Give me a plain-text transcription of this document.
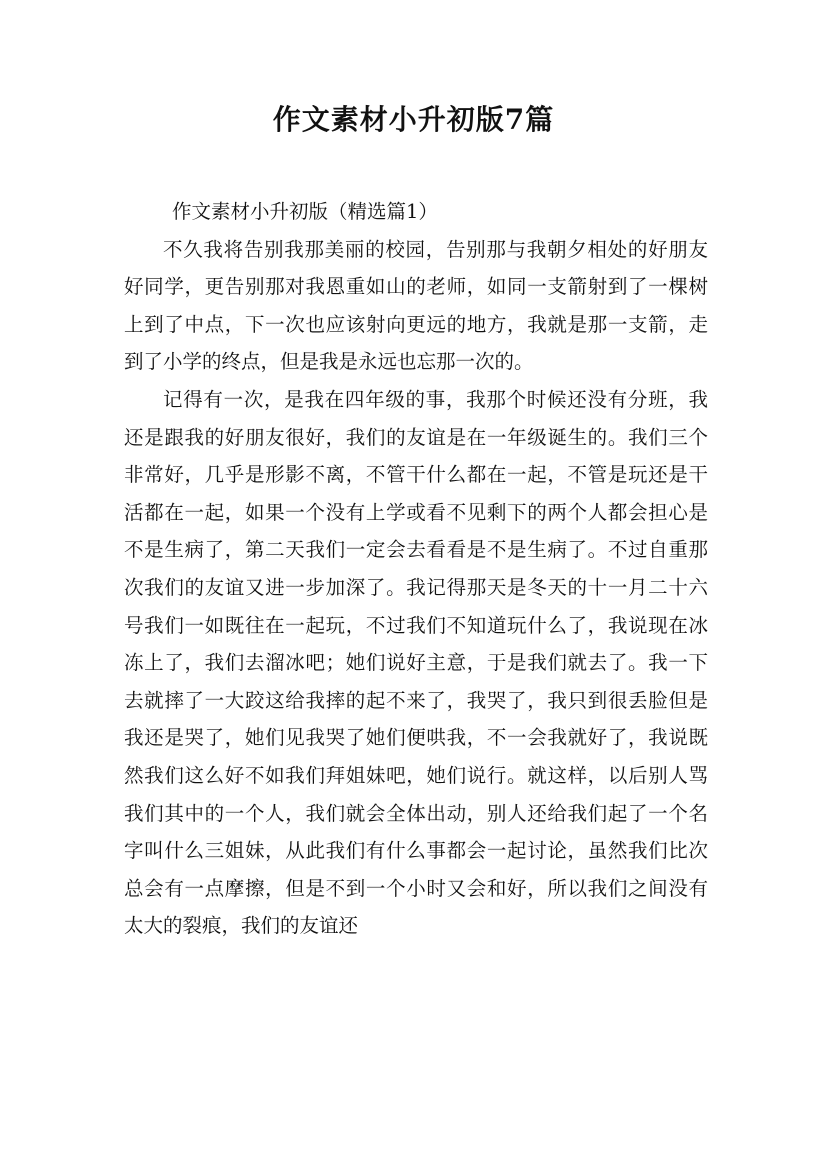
作文素材小升初版7篇

作文素材小升初版（精选篇1）

不久我将告别我那美丽的校园，告别那与我朝夕相处的好朋友好同学，更告别那对我恩重如山的老师，如同一支箭射到了一棵树上到了中点，下一次也应该射向更远的地方，我就是那一支箭，走到了小学的终点，但是我是永远也忘那一次的。

记得有一次，是我在四年级的事，我那个时候还没有分班，我还是跟我的好朋友很好，我们的友谊是在一年级诞生的。我们三个非常好，几乎是形影不离，不管干什么都在一起，不管是玩还是干活都在一起，如果一个没有上学或看不见剩下的两个人都会担心是不是生病了，第二天我们一定会去看看是不是生病了。不过自重那次我们的友谊又进一步加深了。我记得那天是冬天的十一月二十六号我们一如既往在一起玩，不过我们不知道玩什么了，我说现在冰冻上了，我们去溜冰吧；她们说好主意，于是我们就去了。我一下去就摔了一大跤这给我摔的起不来了，我哭了，我只到很丢脸但是我还是哭了，她们见我哭了她们便哄我，不一会我就好了，我说既然我们这么好不如我们拜姐妹吧，她们说行。就这样，以后别人骂我们其中的一个人，我们就会全体出动，别人还给我们起了一个名字叫什么三姐妹，从此我们有什么事都会一起讨论，虽然我们比次总会有一点摩擦，但是不到一个小时又会和好，所以我们之间没有太大的裂痕，我们的友谊还
